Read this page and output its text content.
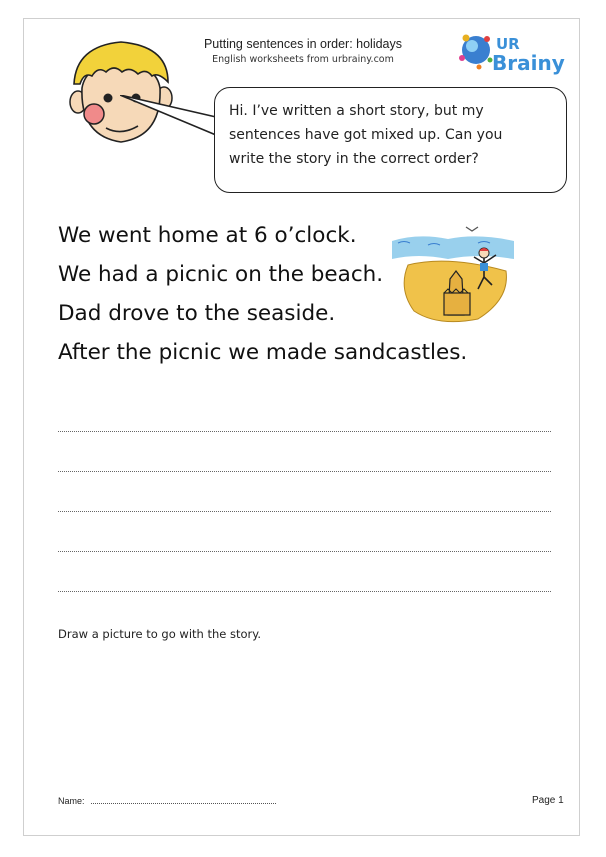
Putting sentences in order: holidays
English worksheets from urbrainy.com
UR
Brainy

Hi. I’ve written a short story, but my

sentences have got mixed up. Can you

write the story in the correct order?

We went home at 6 o’clock.

We had a picnic on the beach.

Dad drove to the seaside.

After the picnic we made sandcastles.

Draw a picture to go with the story.
Name:	Page 1
